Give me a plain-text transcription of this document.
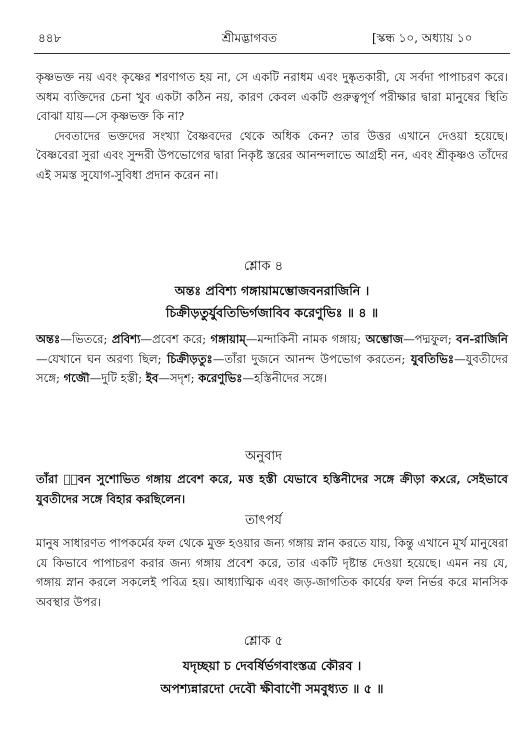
৪৪৮	শ্রীমদ্ভাগবত	[স্কন্ধ ১০, অধ্যায় ১০

কৃষ্ণভক্ত নয় এবং কৃষ্ণের শরণাগত হয় না, সে একটি নরাধম এবং দুষ্কৃতকারী, যে সর্বদা পাপাচরণ করে। অধম ব্যক্তিদের চেনা খুব একটা কঠিন নয়, কারণ কেবল একটি গুরুত্বপূর্ণ পরীক্ষার দ্বারা মানুষের স্থিতি বোঝা যায়—সে কৃষ্ণভক্ত কি না?

দেবতাদের ভক্তদের সংখ্যা বৈষ্ণবদের থেকে অধিক কেন? তার উত্তর এখানে দেওয়া হয়েছে। বৈষ্ণবেরা সুরা এবং সুন্দরী উপভোগের দ্বারা নিকৃষ্ট স্তরের আনন্দলাভে আগ্রহী নন, এবং শ্রীকৃষ্ণও তাঁদের এই সমস্ত সুযোগ-সুবিধা প্রদান করেন না।

শ্লোক ৪
অন্তঃ প্রবিশ্য গঙ্গায়ামম্ভোজবনরাজিনি ।
চিক্রীড়তুর্যুবতিভির্গজাবিব করেণুভিঃ ॥ ৪ ॥

অন্তঃ—ভিতরে; প্রবিশ্য—প্রবেশ করে; গঙ্গায়াম্—মন্দাকিনী নামক গঙ্গায়; অম্ভোজ—পদ্মফুল; বন-রাজিনি—যেখানে ঘন অরণ্য ছিল; চিক্রীড়তুঃ—তাঁরা দুজনে আনন্দ উপভোগ করতেন; যুবতিভিঃ—যুবতীদের সঙ্গে; গজৌ—দুটি হস্তী; ইব—সদৃশ; করেণুভিঃ—হস্তিনীদের সঙ্গে।

অনুবাদ

তাঁরা প᳚বন সুশোভিত গঙ্গায় প্রবেশ করে, মত্ত হস্তী যেভাবে হস্তিনীদের সঙ্গে ক্রীড়া কᰞরে, সেইভাবে যুবতীদের সঙ্গে বিহার করছিলেন।

তাৎপর্য

মানুষ সাধারণত পাপকর্মের ফল থেকে মুক্ত হওয়ার জন্য গঙ্গায় স্নান করতে যায়, কিন্তু এখানে মূর্খ মানুষেরা যে কিভাবে পাপাচরণ করার জন্য গঙ্গায় প্রবেশ করে, তার একটি দৃষ্টান্ত দেওয়া হয়েছে। এমন নয় যে, গঙ্গায় স্নান করলে সকলেই পবিত্র হয়। আধ্যাত্মিক এবং জড়-জাগতিক কার্যের ফল নির্ভর করে মানসিক অবস্থার উপর।

শ্লোক ৫
যদৃচ্ছয়া চ দেবর্ষির্ভগবাংস্তত্র কৌরব ।
অপশ্যন্নারদো দেবৌ ক্ষীবাণৌ সমবুধ্যত ॥ ৫ ॥
